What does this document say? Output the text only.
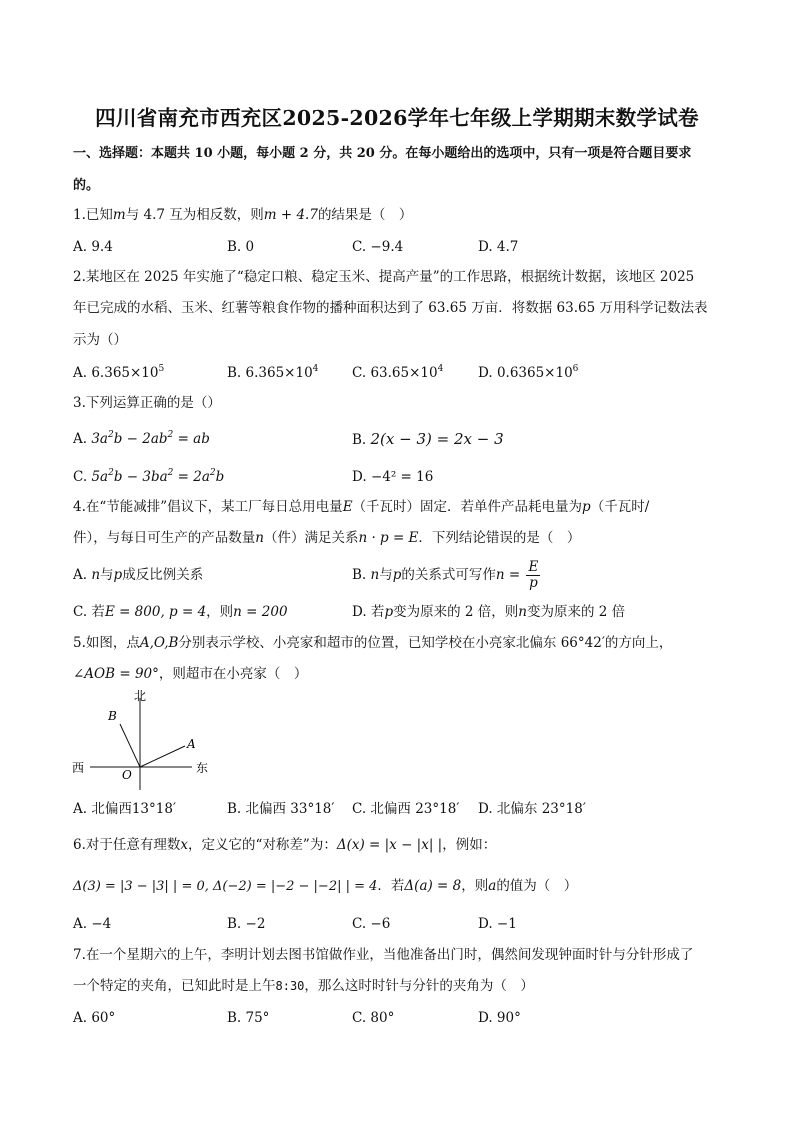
四川省南充市西充区2025-2026学年七年级上学期期末数学试卷
一、选择题：本题共 10 小题，每小题 2 分，共 20 分。在每小题给出的选项中，只有一项是符合题目要求
的。
1.已知m与 4.7 互为相反数，则m + 4.7的结果是（　）
A. 9.4	B. 0	C. −9.4	D. 4.7
2.某地区在 2025 年实施了“稳定口粮、稳定玉米、提高产量”的工作思路，根据统计数据，该地区 2025
年已完成的水稻、玉米、红薯等粮食作物的播种面积达到了 63.65 万亩．将数据 63.65 万用科学记数法表
示为（）
A. $6.365\times 10^5$	B. $6.365\times 10^4$ C. $63.65\times 10^4$	D. $0.6365\times 10^6$
3.下列运算正确的是（）
A. $3a^2b - 2ab^2$ = ab	B. 2(x − 3) = 2x − 3
C. $5a^2b - 3ba^2 = 2a^2b$	D. −4² = 16
4.在“节能减排”倡议下，某工厂每日总用电量E（千瓦时）固定．若单件产品耗电量为p（千瓦时/
件），与每日可生产的产品数量n（件）满足关系n · p = E．下列结论错误的是（　）
A. n与p成反比例关系	B. n与p的关系式可写作$n = \frac{E}{p}$
C. 若E = 800, p = 4，则n = 200	D. 若p变为原来的 2 倍，则n变为原来的 2 倍
5.如图，点A,O,B分别表示学校、小亮家和超市的位置，已知学校在小亮家北偏东 66°42′的方向上，
∠AOB = 90°，则超市在小亮家（　）
北
西	东
A
B
O
A. 北偏西13°18′	B. 北偏西 33°18′ C. 北偏西 23°18′ D. 北偏东 23°18′
6.对于任意有理数x，定义它的“对称差”为：Δ(x) = |x − |x| |，例如：
Δ(3) = |3 − |3| | = 0, Δ(−2) = |−2 − |−2| | = 4．若Δ(a) = 8，则a的值为（　）
A. −4	B. −2	C. −6	D. −1
7.在一个星期六的上午，李明计划去图书馆做作业，当他准备出门时，偶然间发现钟面时针与分针形成了
一个特定的夹角，已知此时是上午8:30，那么这时时针与分针的夹角为（　）
A. 60°	B. 75°	C. 80°	D. 90°
